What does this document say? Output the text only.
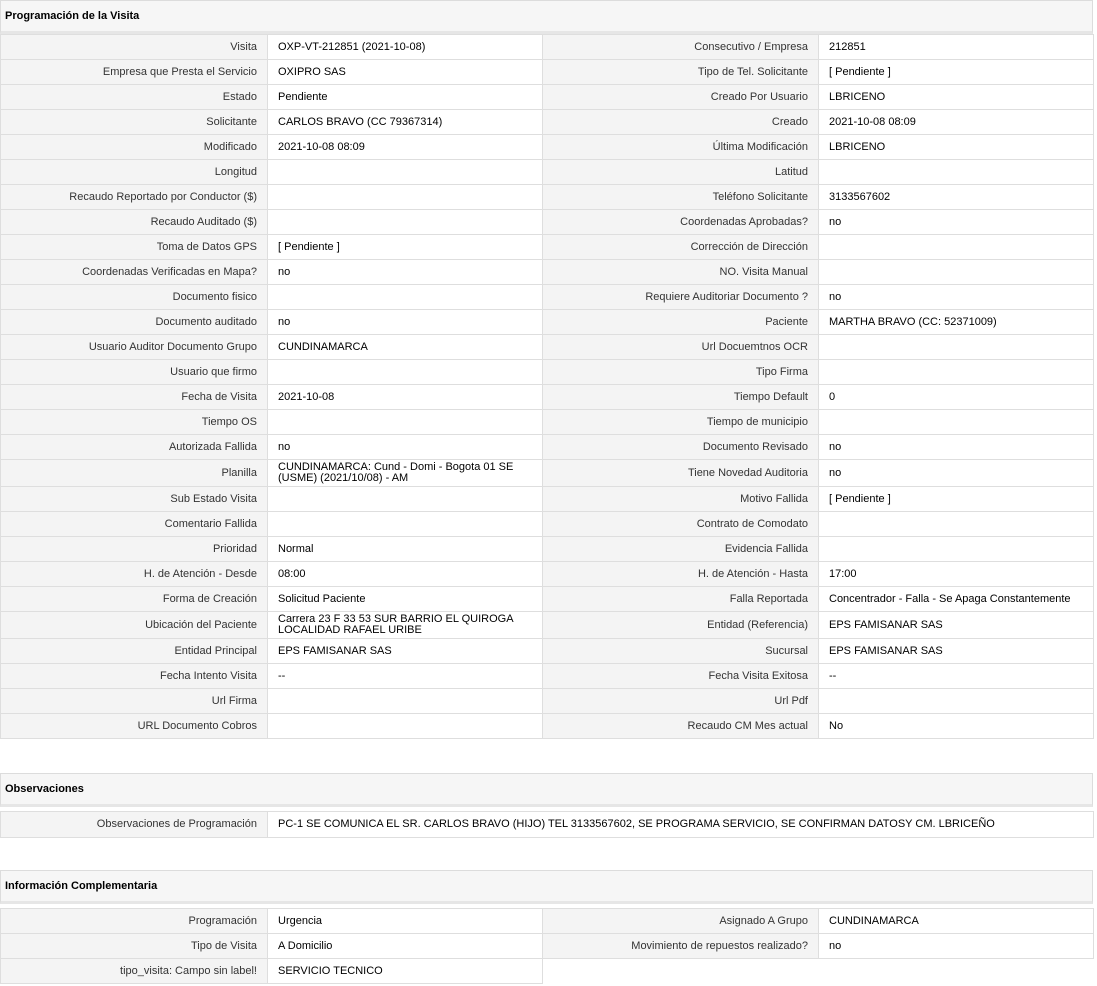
Programación de la Visita
Visita	OXP-VT-212851 (2021-10-08)	Consecutivo / Empresa	212851
Empresa que Presta el Servicio	OXIPRO SAS	Tipo de Tel. Solicitante	[ Pendiente ]
Estado	Pendiente	Creado Por Usuario	LBRICENO
Solicitante	CARLOS BRAVO (CC 79367314)	Creado	2021-10-08 08:09
Modificado	2021-10-08 08:09	Última Modificación	LBRICENO
Longitud		Latitud	
Recaudo Reportado por Conductor ($)		Teléfono Solicitante	3133567602
Recaudo Auditado ($)		Coordenadas Aprobadas?	no
Toma de Datos GPS	[ Pendiente ]	Corrección de Dirección	
Coordenadas Verificadas en Mapa?	no	NO. Visita Manual	
Documento fisico		Requiere Auditoriar Documento ?	no
Documento auditado	no	Paciente	MARTHA BRAVO (CC: 52371009)
Usuario Auditor Documento Grupo	CUNDINAMARCA	Url Docuemtnos OCR	
Usuario que firmo		Tipo Firma	
Fecha de Visita	2021-10-08	Tiempo Default	0
Tiempo OS		Tiempo de municipio	
Autorizada Fallida	no	Documento Revisado	no
Planilla	CUNDINAMARCA: Cund - Domi - Bogota 01 SE (USME) (2021/10/08) - AM	Tiene Novedad Auditoria	no
Sub Estado Visita		Motivo Fallida	[ Pendiente ]
Comentario Fallida		Contrato de Comodato	
Prioridad	Normal	Evidencia Fallida	
H. de Atención - Desde	08:00	H. de Atención - Hasta	17:00
Forma de Creación	Solicitud Paciente	Falla Reportada	Concentrador - Falla - Se Apaga Constantemente
Ubicación del Paciente	Carrera 23 F 33 53 SUR BARRIO EL QUIROGA LOCALIDAD RAFAEL URIBE	Entidad (Referencia)	EPS FAMISANAR SAS
Entidad Principal	EPS FAMISANAR SAS	Sucursal	EPS FAMISANAR SAS
Fecha Intento Visita	--	Fecha Visita Exitosa	--
Url Firma		Url Pdf	
URL Documento Cobros		Recaudo CM Mes actual	No
Observaciones
Observaciones de Programación	PC-1 SE COMUNICA EL SR. CARLOS BRAVO (HIJO) TEL 3133567602, SE PROGRAMA SERVICIO, SE CONFIRMAN DATOSY CM. LBRICEÑO
Información Complementaria
Programación	Urgencia	Asignado A Grupo	CUNDINAMARCA
Tipo de Visita	A Domicilio	Movimiento de repuestos realizado?	no
tipo_visita: Campo sin label!	SERVICIO TECNICO		
